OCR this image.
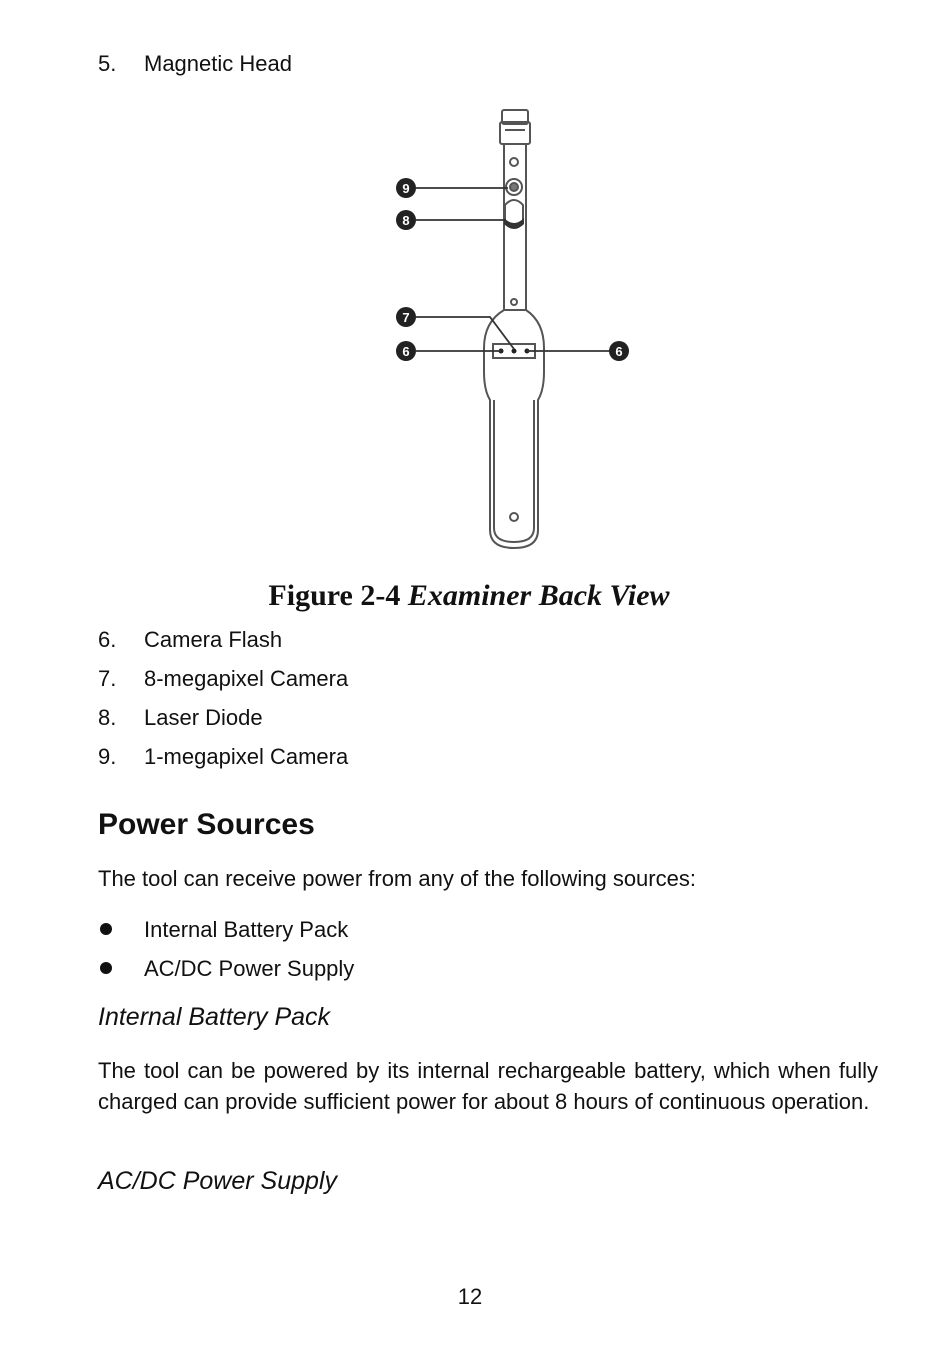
5. Magnetic Head
9
8
7
6	6
Figure 2-4 Examiner Back View
6. Camera Flash
7. 8-megapixel Camera
8. Laser Diode
9. 1-megapixel Camera
Power Sources
The tool can receive power from any of the following sources:
Internal Battery Pack
AC/DC Power Supply
Internal Battery Pack
The tool can be powered by its internal rechargeable battery, which when fully charged can provide sufficient power for about 8 hours of continuous operation.
AC/DC Power Supply
12
